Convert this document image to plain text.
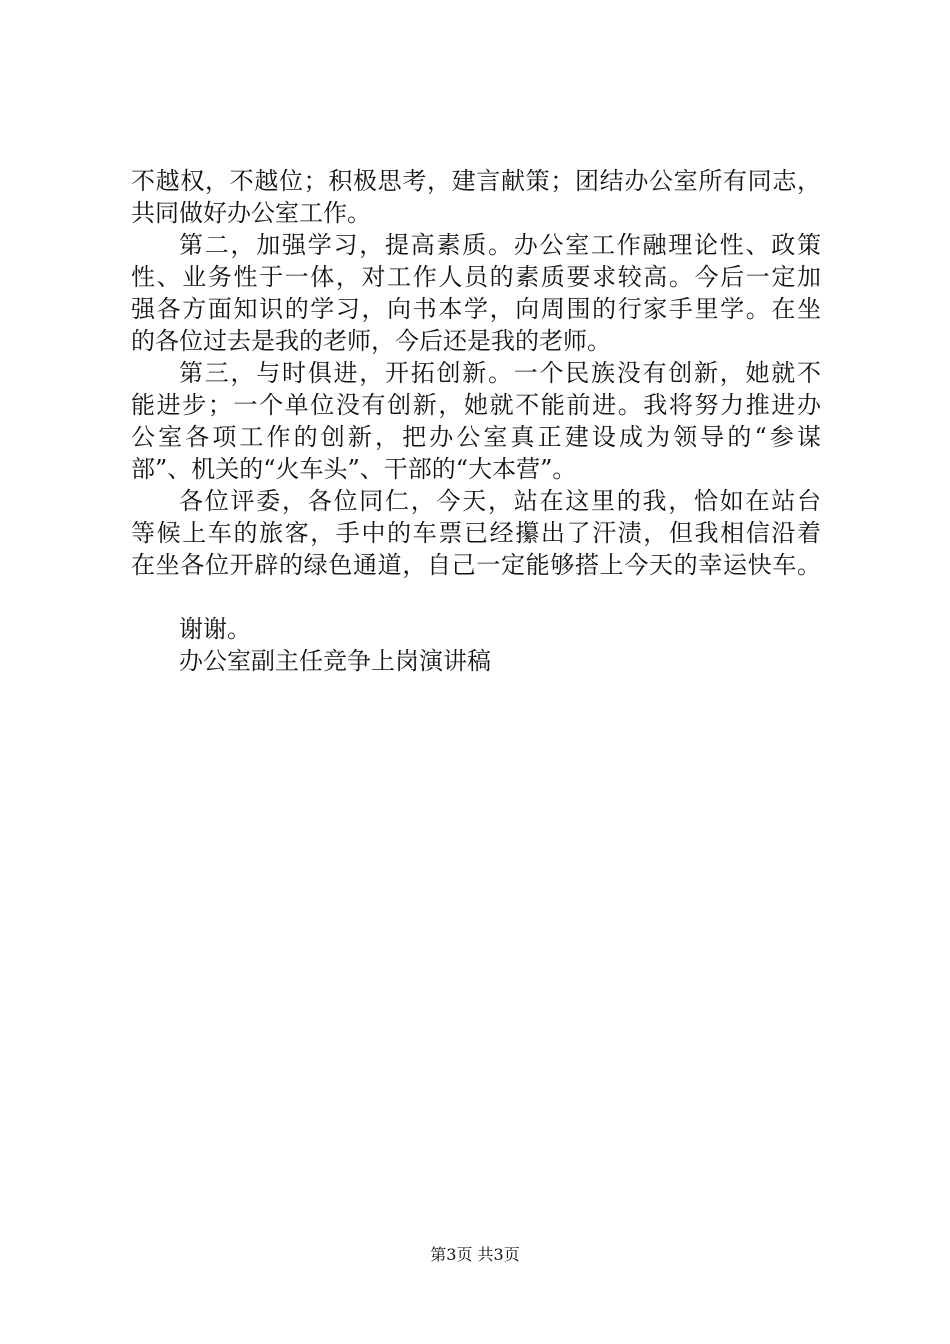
不越权，不越位；积极思考，建言献策；团结办公室所有同志，
共同做好办公室工作。
第二，加强学习，提高素质。办公室工作融理论性、政策
性、业务性于一体，对工作人员的素质要求较高。今后一定加
强各方面知识的学习，向书本学，向周围的行家手里学。在坐
的各位过去是我的老师，今后还是我的老师。
第三，与时俱进，开拓创新。一个民族没有创新，她就不
能进步；一个单位没有创新，她就不能前进。我将努力推进办
公室各项工作的创新，把办公室真正建设成为领导的“参谋
部”、机关的“火车头”、干部的“大本营”。
各位评委，各位同仁，今天，站在这里的我，恰如在站台
等候上车的旅客，手中的车票已经攥出了汗渍，但我相信沿着
在坐各位开辟的绿色通道，自己一定能够搭上今天的幸运快车。
谢谢。
办公室副主任竞争上岗演讲稿
第3页 共3页
